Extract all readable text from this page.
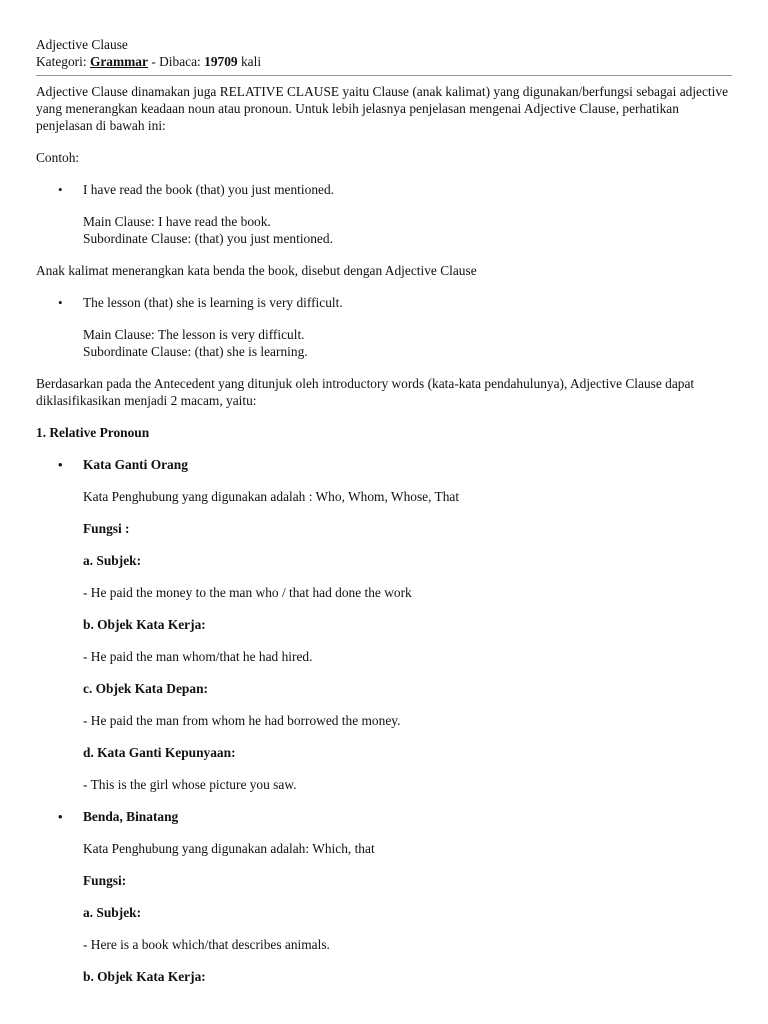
Adjective Clause
Kategori: Grammar - Dibaca: 19709 kali

Adjective Clause dinamakan juga RELATIVE CLAUSE yaitu Clause (anak kalimat) yang digunakan/berfungsi sebagai adjective yang menerangkan keadaan noun atau pronoun. Untuk lebih jelasnya penjelasan mengenai Adjective Clause, perhatikan penjelasan di bawah ini:

Contoh:

• I have read the book (that) you just mentioned.
Main Clause: I have read the book.
Subordinate Clause: (that) you just mentioned.

Anak kalimat menerangkan kata benda the book, disebut dengan Adjective Clause

• The lesson (that) she is learning is very difficult.
Main Clause: The lesson is very difficult.
Subordinate Clause: (that) she is learning.

Berdasarkan pada the Antecedent yang ditunjuk oleh introductory words (kata-kata pendahulunya), Adjective Clause dapat diklasifikasikan menjadi 2 macam, yaitu:

1. Relative Pronoun

• Kata Ganti Orang
Kata Penghubung yang digunakan adalah : Who, Whom, Whose, That
Fungsi :
a. Subjek:
- He paid the money to the man who / that had done the work
b. Objek Kata Kerja:
- He paid the man whom/that he had hired.
c. Objek Kata Depan:
- He paid the man from whom he had borrowed the money.
d. Kata Ganti Kepunyaan:
- This is the girl whose picture you saw.
• Benda, Binatang
Kata Penghubung yang digunakan adalah: Which, that
Fungsi:
a. Subjek:
- Here is a book which/that describes animals.
b. Objek Kata Kerja:
